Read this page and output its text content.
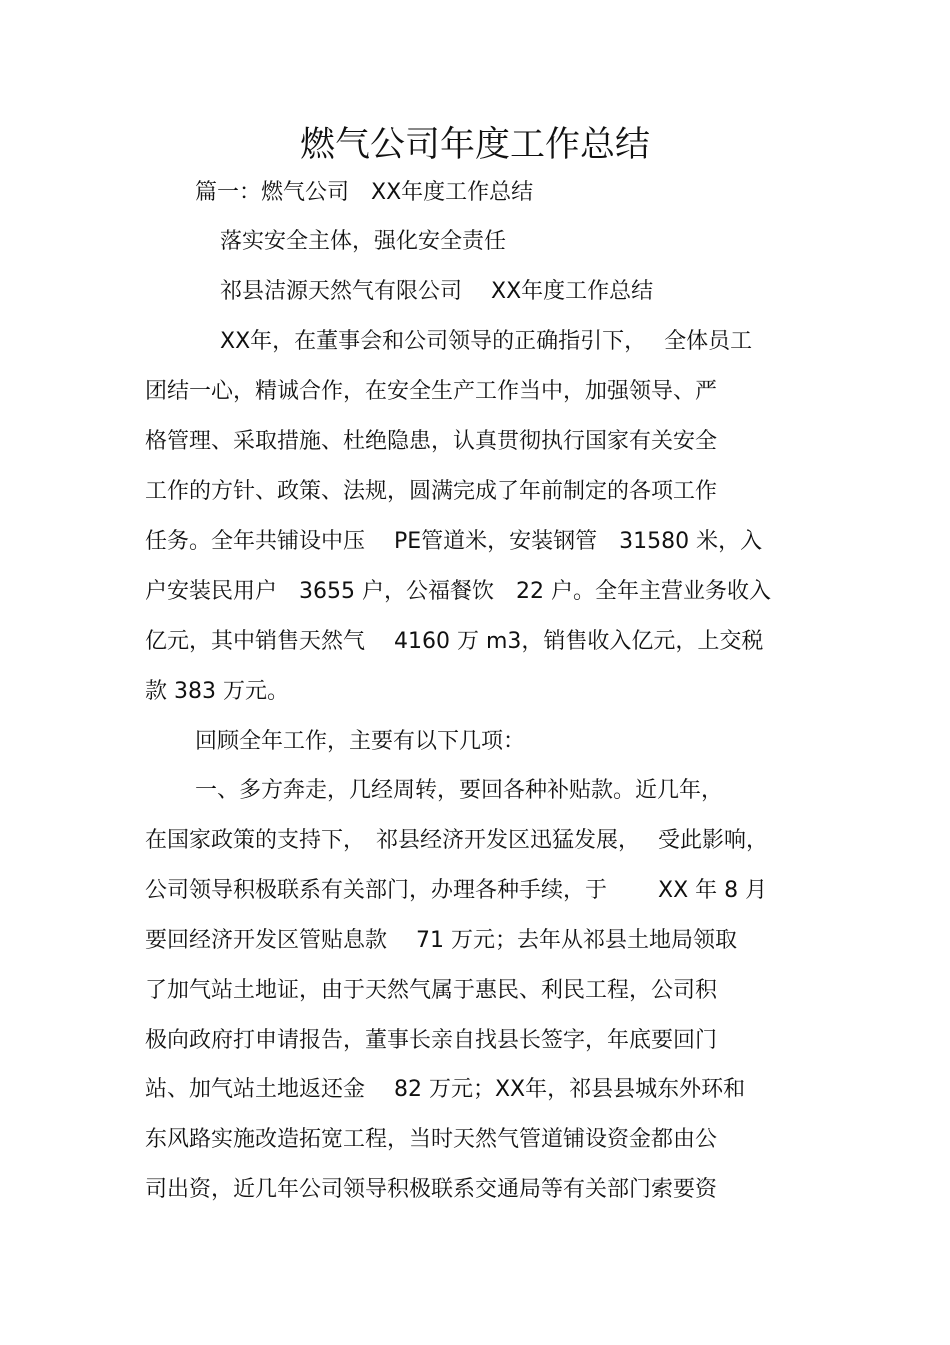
燃气公司年度工作总结
篇一：燃气公司　XX年度工作总结
落实安全主体，强化安全责任
祁县洁源天然气有限公司　 XX年度工作总结
XX年，在董事会和公司领导的正确指引下，　 全体员工
团结一心，精诚合作，在安全生产工作当中，加强领导、严
格管理、采取措施、杜绝隐患，认真贯彻执行国家有关安全
工作的方针、政策、法规，圆满完成了年前制定的各项工作
任务。全年共铺设中压　 PE管道米，安装钢管　31580 米，入
户安装民用户　3655 户，公福餐饮　22 户。全年主营业务收入
亿元，其中销售天然气　 4160 万 m3，销售收入亿元，上交税
款 383 万元。
回顾全年工作，主要有以下几项：
一、多方奔走，几经周转，要回各种补贴款。近几年，
在国家政策的支持下，　祁县经济开发区迅猛发展，　 受此影响，
公司领导积极联系有关部门，办理各种手续，于　　 XX 年 8 月
要回经济开发区管贴息款　 71 万元；去年从祁县土地局领取
了加气站土地证，由于天然气属于惠民、利民工程，公司积
极向政府打申请报告，董事长亲自找县长签字，年底要回门
站、加气站土地返还金　 82 万元；XX年，祁县县城东外环和
东风路实施改造拓宽工程，当时天然气管道铺设资金都由公
司出资，近几年公司领导积极联系交通局等有关部门索要资
